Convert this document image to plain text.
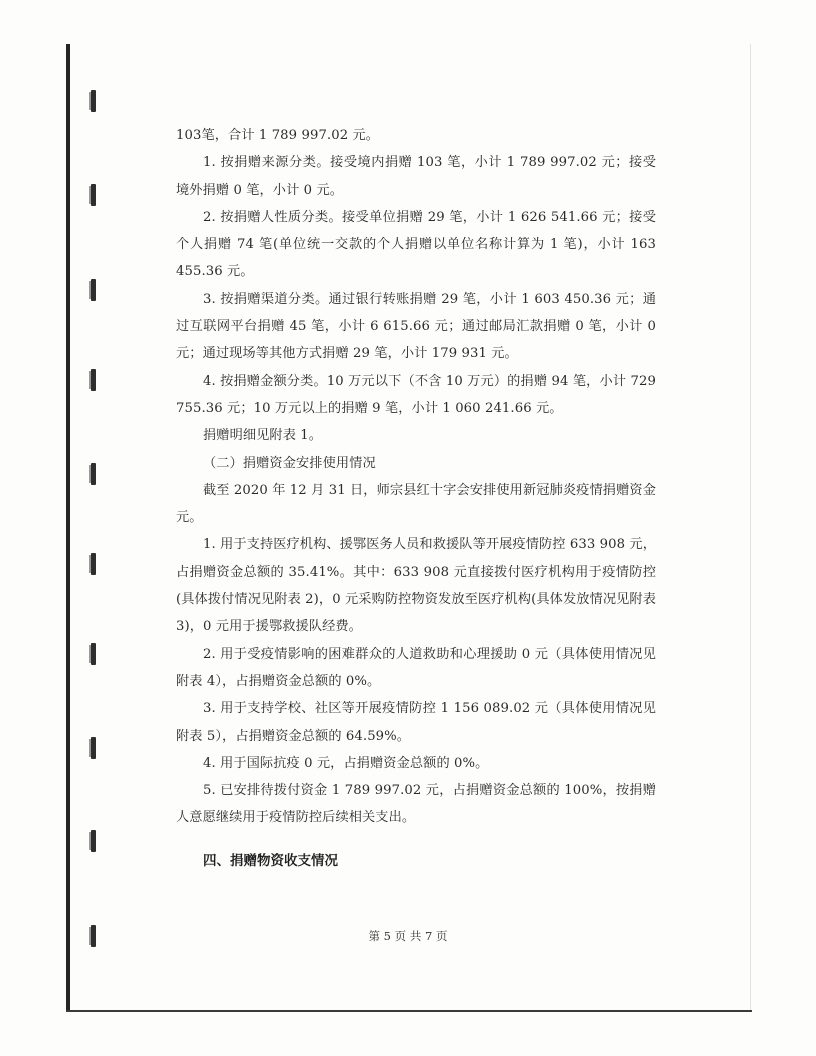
103笔，合计 1 789 997.02 元。

1. 按捐赠来源分类。接受境内捐赠 103 笔，小计 1 789 997.02 元；接受境外捐赠 0 笔，小计 0 元。

2. 按捐赠人性质分类。接受单位捐赠 29 笔，小计 1 626 541.66 元；接受个人捐赠 74 笔(单位统一交款的个人捐赠以单位名称计算为 1 笔)，小计 163 455.36 元。

3. 按捐赠渠道分类。通过银行转账捐赠 29 笔，小计 1 603 450.36 元；通过互联网平台捐赠 45 笔，小计 6 615.66 元；通过邮局汇款捐赠 0 笔，小计 0 元；通过现场等其他方式捐赠 29 笔，小计 179 931 元。

4. 按捐赠金额分类。10 万元以下（不含 10 万元）的捐赠 94 笔，小计 729 755.36 元；10 万元以上的捐赠 9 笔，小计 1 060 241.66 元。

捐赠明细见附表 1。

（二）捐赠资金安排使用情况

截至 2020 年 12 月 31 日，师宗县红十字会安排使用新冠肺炎疫情捐赠资金元。

1. 用于支持医疗机构、援鄂医务人员和救援队等开展疫情防控 633 908 元，占捐赠资金总额的 35.41%。其中：633 908 元直接拨付医疗机构用于疫情防控(具体拨付情况见附表 2)，0 元采购防控物资发放至医疗机构(具体发放情况见附表 3)，0 元用于援鄂救援队经费。

2. 用于受疫情影响的困难群众的人道救助和心理援助 0 元（具体使用情况见附表 4），占捐赠资金总额的 0%。

3. 用于支持学校、社区等开展疫情防控 1 156 089.02 元（具体使用情况见附表 5），占捐赠资金总额的 64.59%。

4. 用于国际抗疫 0 元，占捐赠资金总额的 0%。

5. 已安排待拨付资金 1 789 997.02 元，占捐赠资金总额的 100%，按捐赠人意愿继续用于疫情防控后续相关支出。

四、捐赠物资收支情况
第 5 页 共 7 页
